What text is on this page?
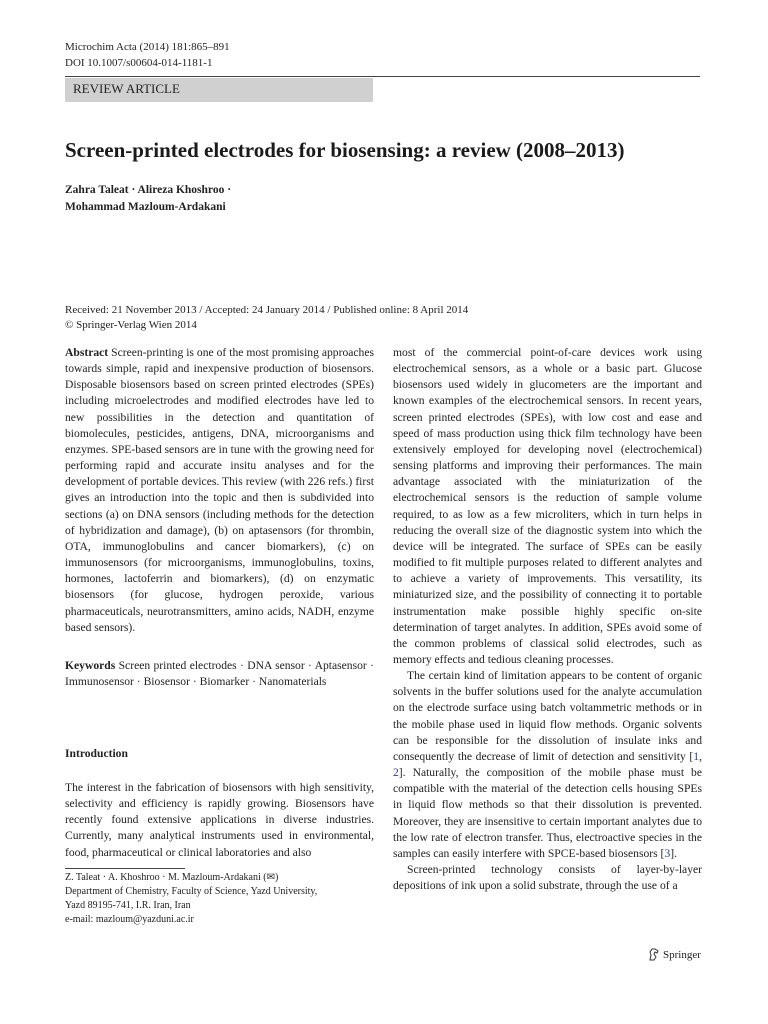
Microchim Acta (2014) 181:865–891
DOI 10.1007/s00604-014-1181-1
REVIEW ARTICLE
Screen-printed electrodes for biosensing: a review (2008–2013)
Zahra Taleat · Alireza Khoshroo ·
Mohammad Mazloum-Ardakani
Received: 21 November 2013 / Accepted: 24 January 2014 / Published online: 8 April 2014
© Springer-Verlag Wien 2014

Abstract Screen-printing is one of the most promising approaches towards simple, rapid and inexpensive production of biosensors. Disposable biosensors based on screen printed electrodes (SPEs) including microelectrodes and modified electrodes have led to new possibilities in the detection and quantitation of biomolecules, pesticides, antigens, DNA, microorganisms and enzymes. SPE-based sensors are in tune with the growing need for performing rapid and accurate insitu analyses and for the development of portable devices. This review (with 226 refs.) first gives an introduction into the topic and then is subdivided into sections (a) on DNA sensors (including methods for the detection of hybridization and damage), (b) on aptasensors (for thrombin, OTA, immunoglobulins and cancer biomarkers), (c) on immunosensors (for microorganisms, immunoglobulins, toxins, hormones, lactoferrin and biomarkers), (d) on enzymatic biosensors (for glucose, hydrogen peroxide, various pharmaceuticals, neurotransmitters, amino acids, NADH, enzyme based sensors).

Keywords Screen printed electrodes · DNA sensor · Aptasensor · Immunosensor · Biosensor · Biomarker · Nanomaterials

Introduction

The interest in the fabrication of biosensors with high sensitivity, selectivity and efficiency is rapidly growing. Biosensors have recently found extensive applications in diverse industries. Currently, many analytical instruments used in environmental, food, pharmaceutical or clinical laboratories and also

Z. Taleat · A. Khoshroo · M. Mazloum-Ardakani (✉)
Department of Chemistry, Faculty of Science, Yazd University,
Yazd 89195-741, I.R. Iran, Iran
e-mail: mazloum@yazduni.ac.ir

most of the commercial point-of-care devices work using electrochemical sensors, as a whole or a basic part. Glucose biosensors used widely in glucometers are the important and known examples of the electrochemical sensors. In recent years, screen printed electrodes (SPEs), with low cost and ease and speed of mass production using thick film technology have been extensively employed for developing novel (electrochemical) sensing platforms and improving their performances. The main advantage associated with the miniaturization of the electrochemical sensors is the reduction of sample volume required, to as low as a few microliters, which in turn helps in reducing the overall size of the diagnostic system into which the device will be integrated. The surface of SPEs can be easily modified to fit multiple purposes related to different analytes and to achieve a variety of improvements. This versatility, its miniaturized size, and the possibility of connecting it to portable instrumentation make possible highly specific on-site determination of target analytes. In addition, SPEs avoid some of the common problems of classical solid electrodes, such as memory effects and tedious cleaning processes.

The certain kind of limitation appears to be content of organic solvents in the buffer solutions used for the analyte accumulation on the electrode surface using batch voltammetric methods or in the mobile phase used in liquid flow methods. Organic solvents can be responsible for the dissolution of insulate inks and consequently the decrease of limit of detection and sensitivity [1, 2]. Naturally, the composition of the mobile phase must be compatible with the material of the detection cells housing SPEs in liquid flow methods so that their dissolution is prevented. Moreover, they are insensitive to certain important analytes due to the low rate of electron transfer. Thus, electroactive species in the samples can easily interfere with SPCE-based biosensors [3].

Screen-printed technology consists of layer-by-layer depositions of ink upon a solid substrate, through the use of a

Springer
